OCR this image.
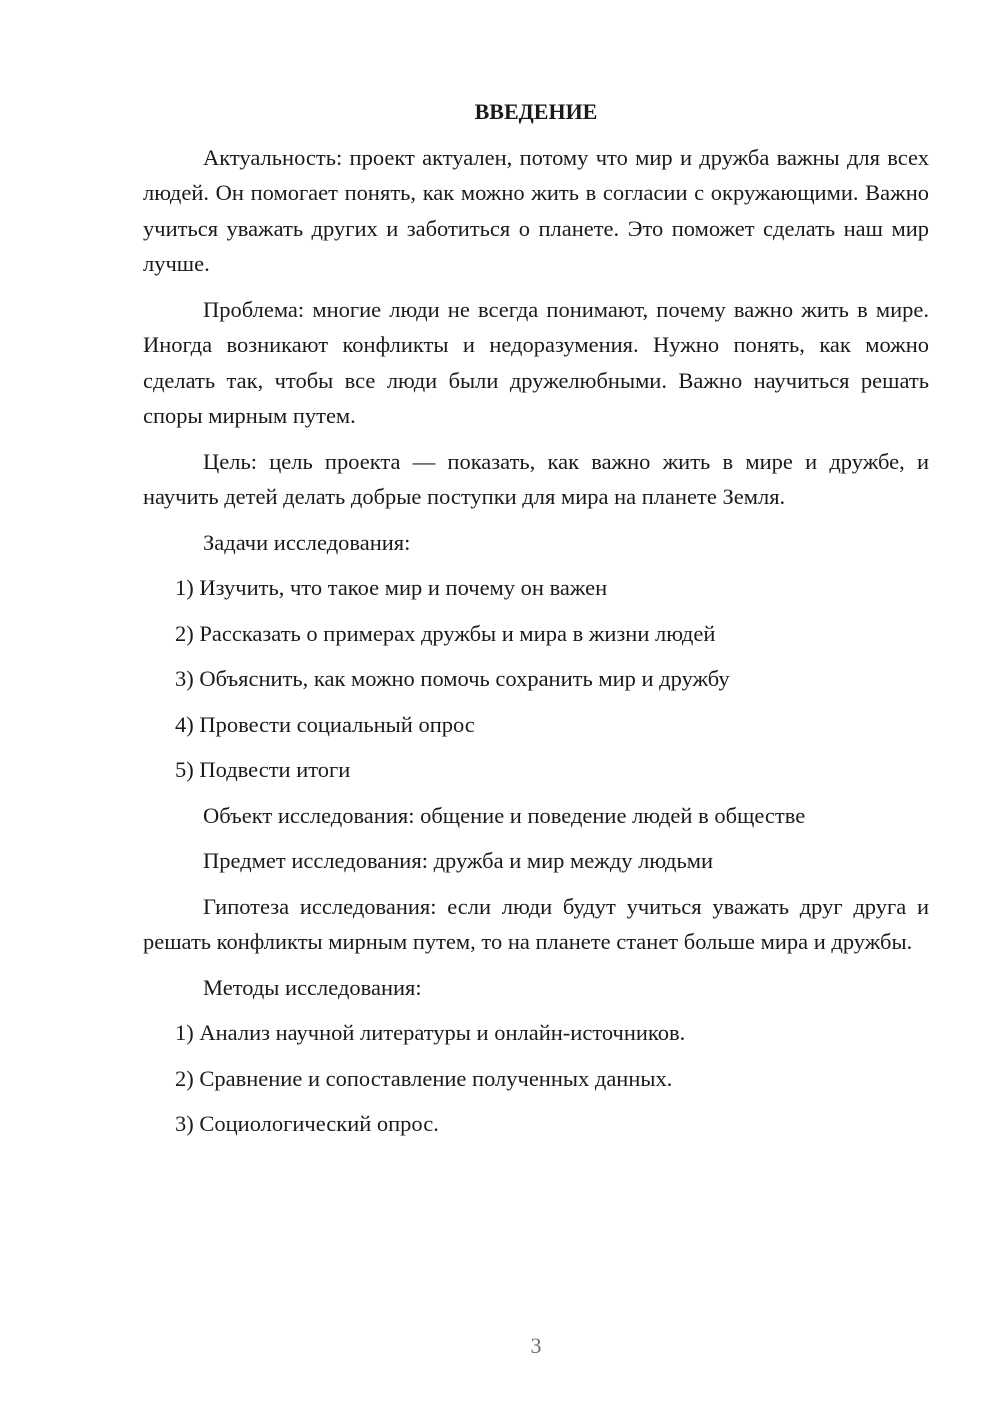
ВВЕДЕНИЕ

Актуальность: проект актуален, потому что мир и дружба важны для всех людей. Он помогает понять, как можно жить в согласии с окружающими. Важно учиться уважать других и заботиться о планете. Это поможет сделать наш мир лучше.

Проблема: многие люди не всегда понимают, почему важно жить в мире. Иногда возникают конфликты и недоразумения. Нужно понять, как можно сделать так, чтобы все люди были дружелюбными. Важно научиться решать споры мирным путем.

Цель: цель проекта — показать, как важно жить в мире и дружбе, и научить детей делать добрые поступки для мира на планете Земля.

Задачи исследования:

1) Изучить, что такое мир и почему он важен

2) Рассказать о примерах дружбы и мира в жизни людей

3) Объяснить, как можно помочь сохранить мир и дружбу

4) Провести социальный опрос

5) Подвести итоги

Объект исследования: общение и поведение людей в обществе

Предмет исследования: дружба и мир между людьми

Гипотеза исследования: если люди будут учиться уважать друг друга и решать конфликты мирным путем, то на планете станет больше мира и дружбы.

Методы исследования:

1) Анализ научной литературы и онлайн-источников.

2) Сравнение и сопоставление полученных данных.

3) Социологический опрос.

3
